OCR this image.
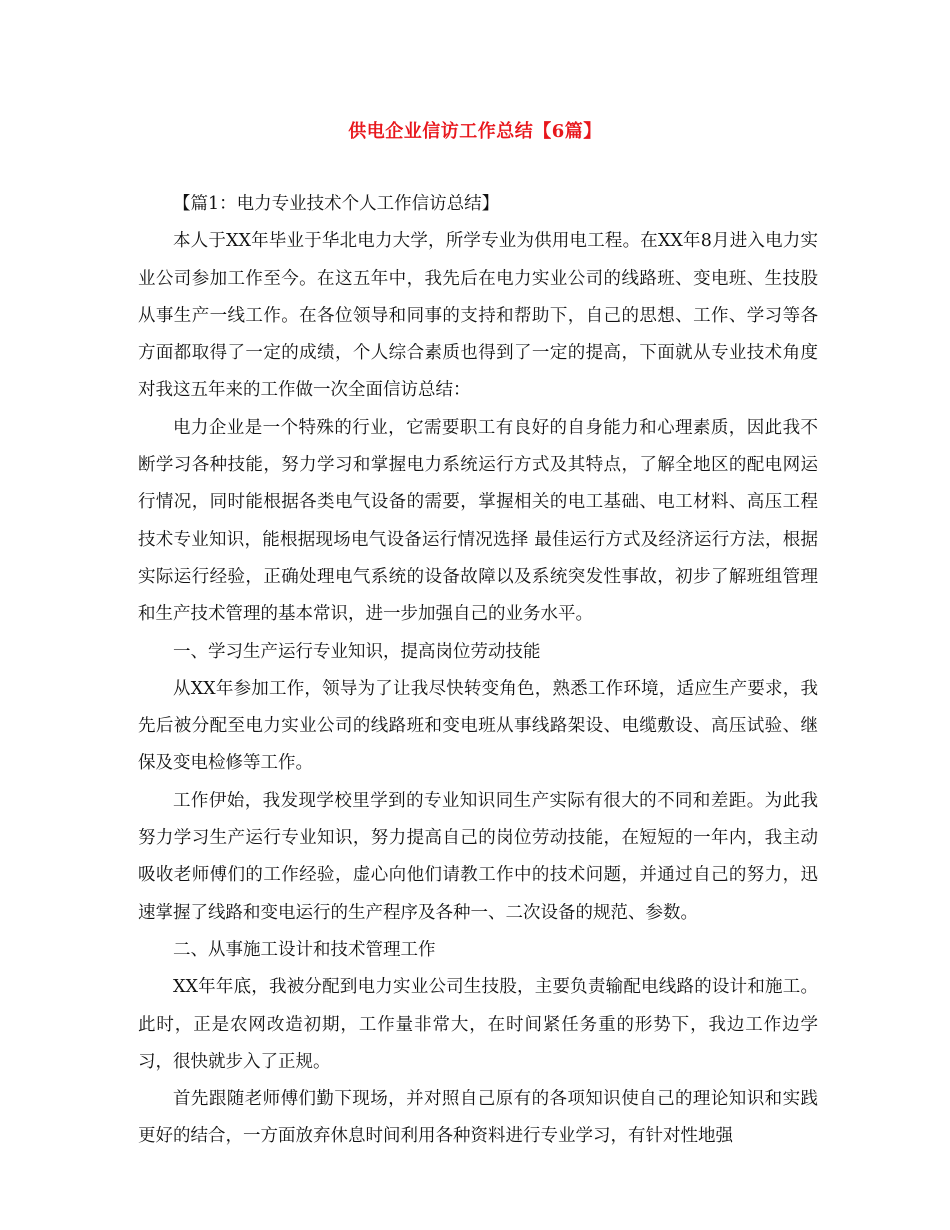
供电企业信访工作总结【6篇】

【篇1：电力专业技术个人工作信访总结】

本人于XX年毕业于华北电力大学，所学专业为供用电工程。在XX年8月进入电力实业公司参加工作至今。在这五年中，我先后在电力实业公司的线路班、变电班、生技股从事生产一线工作。在各位领导和同事的支持和帮助下，自己的思想、工作、学习等各方面都取得了一定的成绩，个人综合素质也得到了一定的提高，下面就从专业技术角度对我这五年来的工作做一次全面信访总结：

电力企业是一个特殊的行业，它需要职工有良好的自身能力和心理素质，因此我不断学习各种技能，努力学习和掌握电力系统运行方式及其特点，了解全地区的配电网运行情况，同时能根据各类电气设备的需要，掌握相关的电工基础、电工材料、高压工程技术专业知识，能根据现场电气设备运行情况选择 最佳运行方式及经济运行方法，根据实际运行经验，正确处理电气系统的设备故障以及系统突发性事故，初步了解班组管理和生产技术管理的基本常识，进一步加强自己的业务水平。

一、学习生产运行专业知识，提高岗位劳动技能

从XX年参加工作，领导为了让我尽快转变角色，熟悉工作环境，适应生产要求，我先后被分配至电力实业公司的线路班和变电班从事线路架设、电缆敷设、高压试验、继保及变电检修等工作。

工作伊始，我发现学校里学到的专业知识同生产实际有很大的不同和差距。为此我努力学习生产运行专业知识，努力提高自己的岗位劳动技能，在短短的一年内，我主动吸收老师傅们的工作经验，虚心向他们请教工作中的技术问题，并通过自己的努力，迅速掌握了线路和变电运行的生产程序及各种一、二次设备的规范、参数。

二、从事施工设计和技术管理工作

XX年年底，我被分配到电力实业公司生技股，主要负责输配电线路的设计和施工。此时，正是农网改造初期，工作量非常大，在时间紧任务重的形势下，我边工作边学习，很快就步入了正规。

首先跟随老师傅们勤下现场，并对照自己原有的各项知识使自己的理论知识和实践更好的结合，一方面放弃休息时间利用各种资料进行专业学习，有针对性地强
